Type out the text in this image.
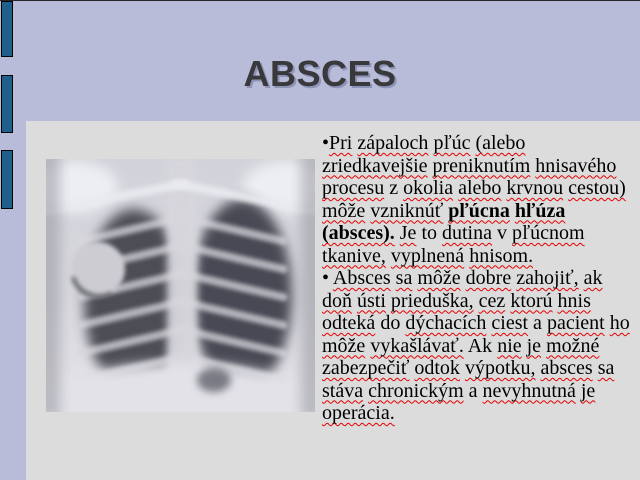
ABSCES

•Pri zápaloch pľúc (alebo zriedkavejšie preniknutím hnisavého procesu z okolia alebo krvnou cestou) môže vzniknúť pľúcna hľúza (absces). Je to dutina v pľúcnom tkanive, vyplnená hnisom.

• Absces sa môže dobre zahojiť, ak doň ústi prieduška, cez ktorú hnis odteká do dýchacích ciest a pacient ho môže vykašlávať. Ak nie je možné zabezpečiť odtok výpotku, absces sa stáva chronickým a nevyhnutná je operácia.
